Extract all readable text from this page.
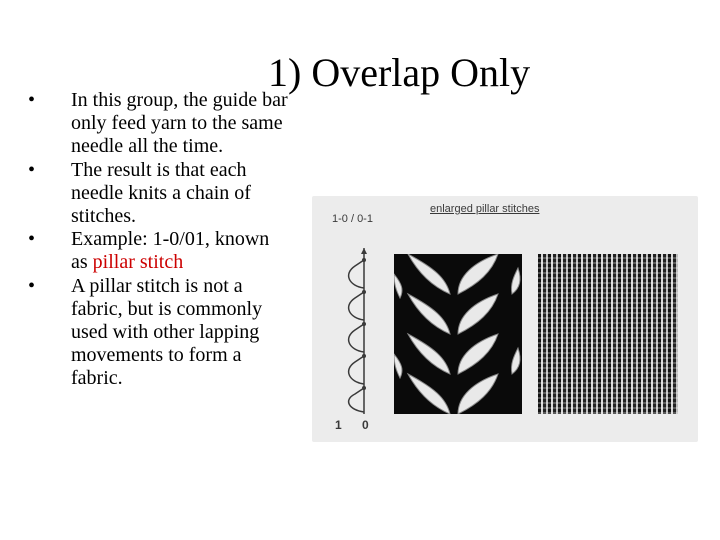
1) Overlap Only
• In this group, the guide bar only feed yarn to the same needle all the time.
• The result is that each needle knits a chain of stitches.
• Example: 1-0/01, known as pillar stitch
• A pillar stitch is not a fabric, but is commonly used with other lapping movements to form a fabric.
1-0 / 0-1
enlarged pillar stitches
1 0
